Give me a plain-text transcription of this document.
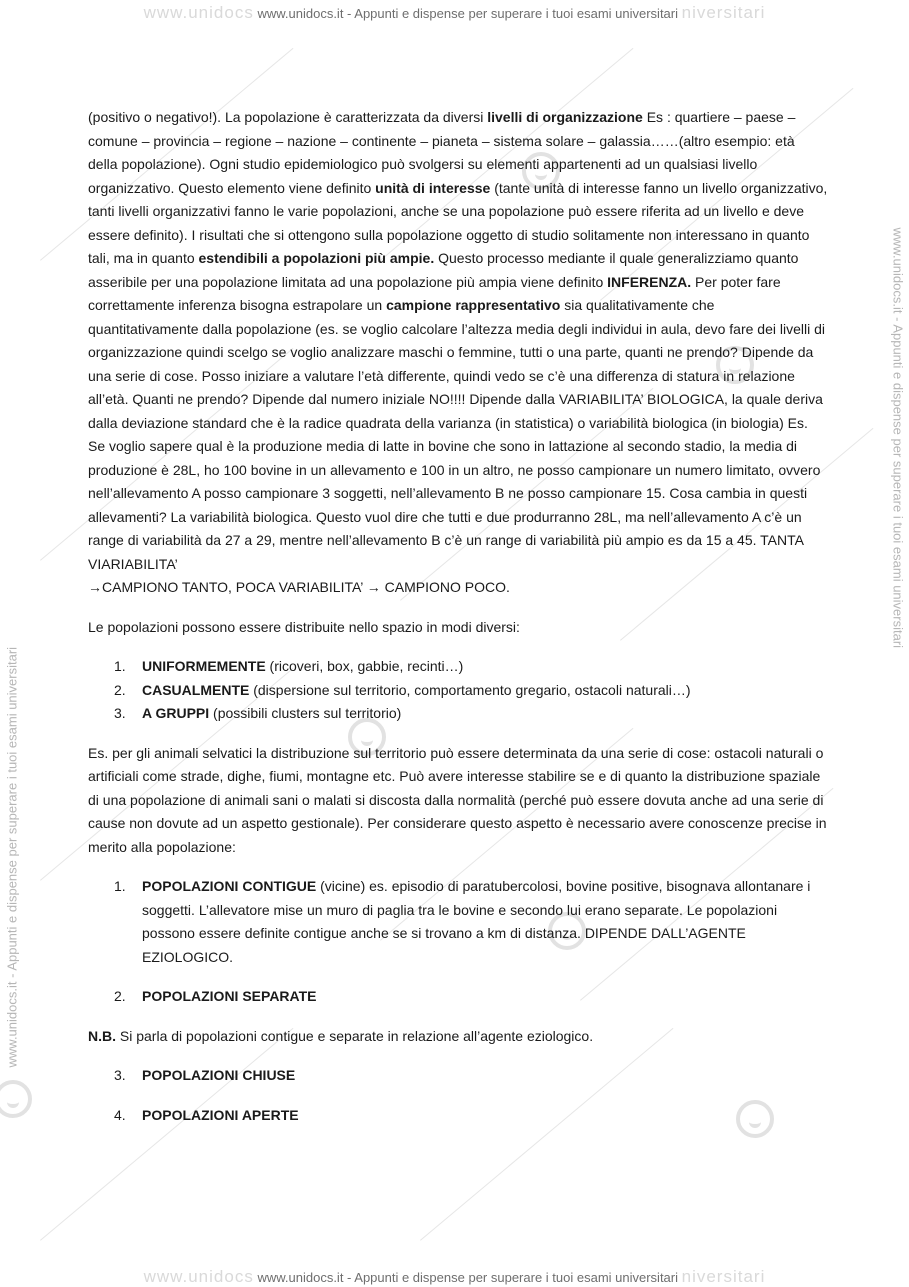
www.unidocs www.unidocs.it - Appunti e dispense per superare i tuoi esami universitari niversitari
www.unidocs.it - Appunti e dispense per superare i tuoi esami universitari
www.unidocs.it - Appunti e dispense per superare i tuoi esami universitari

(positivo o negativo!). La popolazione è caratterizzata da diversi livelli di organizzazione Es : quartiere – paese – comune – provincia – regione – nazione – continente – pianeta – sistema solare – galassia……(altro esempio: età della popolazione). Ogni studio epidemiologico può svolgersi su elementi appartenenti ad un qualsiasi livello organizzativo. Questo elemento viene definito unità di interesse (tante unità di interesse fanno un livello organizzativo, tanti livelli organizzativi fanno le varie popolazioni, anche se una popolazione può essere riferita ad un livello e deve essere definito). I risultati che si ottengono sulla popolazione oggetto di studio solitamente non interessano in quanto tali, ma in quanto estendibili a popolazioni più ampie. Questo processo mediante il quale generalizziamo quanto asseribile per una popolazione limitata ad una popolazione più ampia viene definito INFERENZA. Per poter fare correttamente inferenza bisogna estrapolare un campione rappresentativo sia qualitativamente che quantitativamente dalla popolazione (es. se voglio calcolare l’altezza media degli individui in aula, devo fare dei livelli di organizzazione quindi scelgo se voglio analizzare maschi o femmine, tutti o una parte, quanti ne prendo? Dipende da una serie di cose. Posso iniziare a valutare l’età differente, quindi vedo se c’è una differenza di statura in relazione all’età. Quanti ne prendo? Dipende dal numero iniziale NO!!!! Dipende dalla VARIABILITA’ BIOLOGICA, la quale deriva dalla deviazione standard che è la radice quadrata della varianza (in statistica) o variabilità biologica (in biologia) Es. Se voglio sapere qual è la produzione media di latte in bovine che sono in lattazione al secondo stadio, la media di produzione è 28L, ho 100 bovine in un allevamento e 100 in un altro, ne posso campionare un numero limitato, ovvero nell’allevamento A posso campionare 3 soggetti, nell’allevamento B ne posso campionare 15. Cosa cambia in questi allevamenti? La variabilità biologica. Questo vuol dire che tutti e due produrranno 28L, ma nell’allevamento A c’è un range di variabilità da 27 a 29, mentre nell’allevamento B c’è un range di variabilità più ampio es da 15 a 45. TANTA VIARIABILITA’
→CAMPIONO TANTO, POCA VARIABILITA’ → CAMPIONO POCO.

Le popolazioni possono essere distribuite nello spazio in modi diversi:

1. UNIFORMEMENTE (ricoveri, box, gabbie, recinti…)
2. CASUALMENTE (dispersione sul territorio, comportamento gregario, ostacoli naturali…)
3. A GRUPPI (possibili clusters sul territorio)

Es. per gli animali selvatici la distribuzione sul territorio può essere determinata da una serie di cose: ostacoli naturali o artificiali come strade, dighe, fiumi, montagne etc. Può avere interesse stabilire se e di quanto la distribuzione spaziale di una popolazione di animali sani o malati si discosta dalla normalità (perché può essere dovuta anche ad una serie di cause non dovute ad un aspetto gestionale). Per considerare questo aspetto è necessario avere conoscenze precise in merito alla popolazione:

1. POPOLAZIONI CONTIGUE (vicine) es. episodio di paratubercolosi, bovine positive, bisognava allontanare i soggetti. L’allevatore mise un muro di paglia tra le bovine e secondo lui erano separate. Le popolazioni possono essere definite contigue anche se si trovano a km di distanza. DIPENDE DALL’AGENTE EZIOLOGICO.
2. POPOLAZIONI SEPARATE

N.B. Si parla di popolazioni contigue e separate in relazione all’agente eziologico.

3. POPOLAZIONI CHIUSE
4. POPOLAZIONI APERTE
www.unidocs www.unidocs.it - Appunti e dispense per superare i tuoi esami universitari niversitari
